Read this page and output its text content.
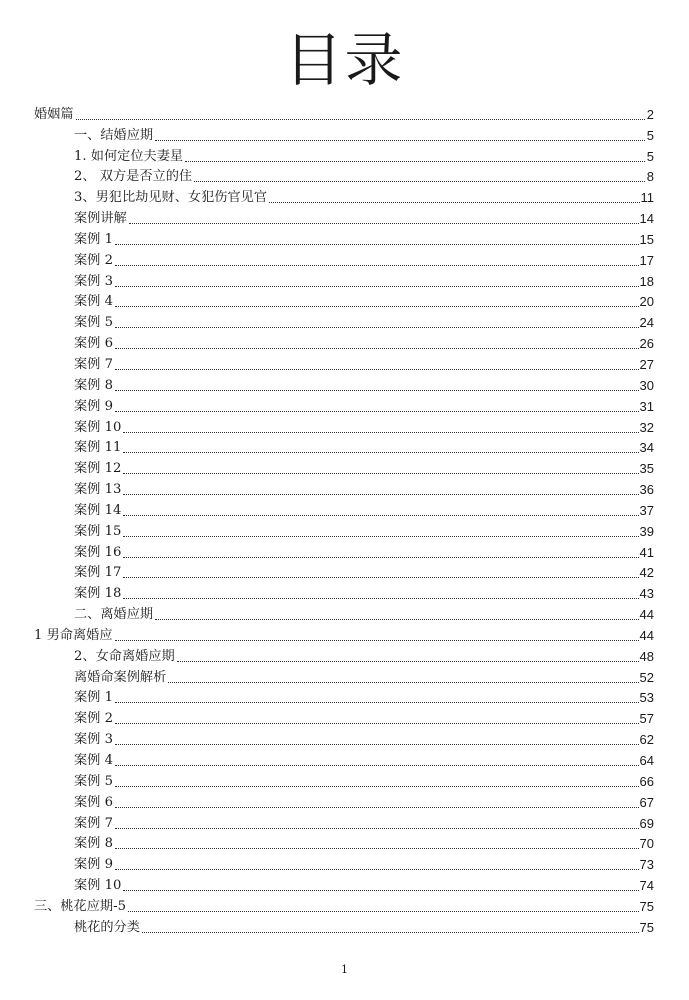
目录
婚姻篇	2
一、结婚应期	5
1. 如何定位夫妻星	5
2、 双方是否立的住	8
3、男犯比劫见财、女犯伤官见官	11
案例讲解	14
案例 1	15
案例 2	17
案例 3	18
案例 4	20
案例 5	24
案例 6	26
案例 7	27
案例 8	30
案例 9	31
案例 10	32
案例 11	34
案例 12	35
案例 13	36
案例 14	37
案例 15	39
案例 16	41
案例 17	42
案例 18	43
二、离婚应期	44
1 男命离婚应	44
2、女命离婚应期	48
离婚命案例解析	52
案例 1	53
案例 2	57
案例 3	62
案例 4	64
案例 5	66
案例 6	67
案例 7	69
案例 8	70
案例 9	73
案例 10	74
三、桃花应期-5	75
桃花的分类	75
1
